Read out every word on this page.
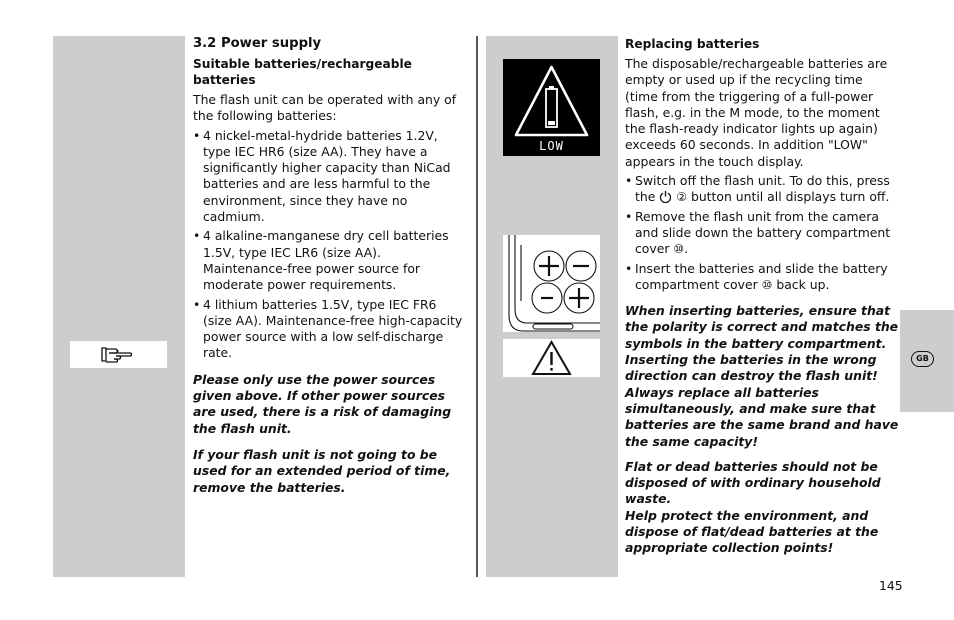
LOW

3.2 Power supply

Suitable batteries/rechargeable batteries

The flash unit can be operated with any of the following batteries:

• 4 nickel-metal-hydride batteries 1.2V, type IEC HR6 (size AA). They have a significantly higher capacity than NiCad batteries and are less harmful to the environment, since they have no cadmium.
• 4 alkaline-manganese dry cell batteries 1.5V, type IEC LR6 (size AA). Maintenance-free power source for moderate power requirements.
• 4 lithium batteries 1.5V, type IEC FR6 (size AA). Maintenance-free high-capacity power source with a low self-discharge rate.

Please only use the power sources given above. If other power sources are used, there is a risk of damaging the flash unit.

If your flash unit is not going to be used for an extended period of time, remove the batteries.

Replacing batteries

The disposable/rechargeable batteries are empty or used up if the recycling time (time from the triggering of a full-power flash, e.g. in the M mode, to the moment the flash-ready indicator lights up again) exceeds 60 seconds. In addition "LOW" appears in the touch display.

• Switch off the flash unit. To do this, press the ② button until all displays turn off.
• Remove the flash unit from the camera and slide down the battery compartment cover ⑩.
• Insert the batteries and slide the battery compartment cover ⑩ back up.

When inserting batteries, ensure that the polarity is correct and matches the symbols in the battery compartment. Inserting the batteries in the wrong direction can destroy the flash unit! Always replace all batteries simultaneously, and make sure that batteries are the same brand and have the same capacity!

Flat or dead batteries should not be disposed of with ordinary household waste.

Help protect the environment, and dispose of flat/dead batteries at the appropriate collection points!

GB
145
